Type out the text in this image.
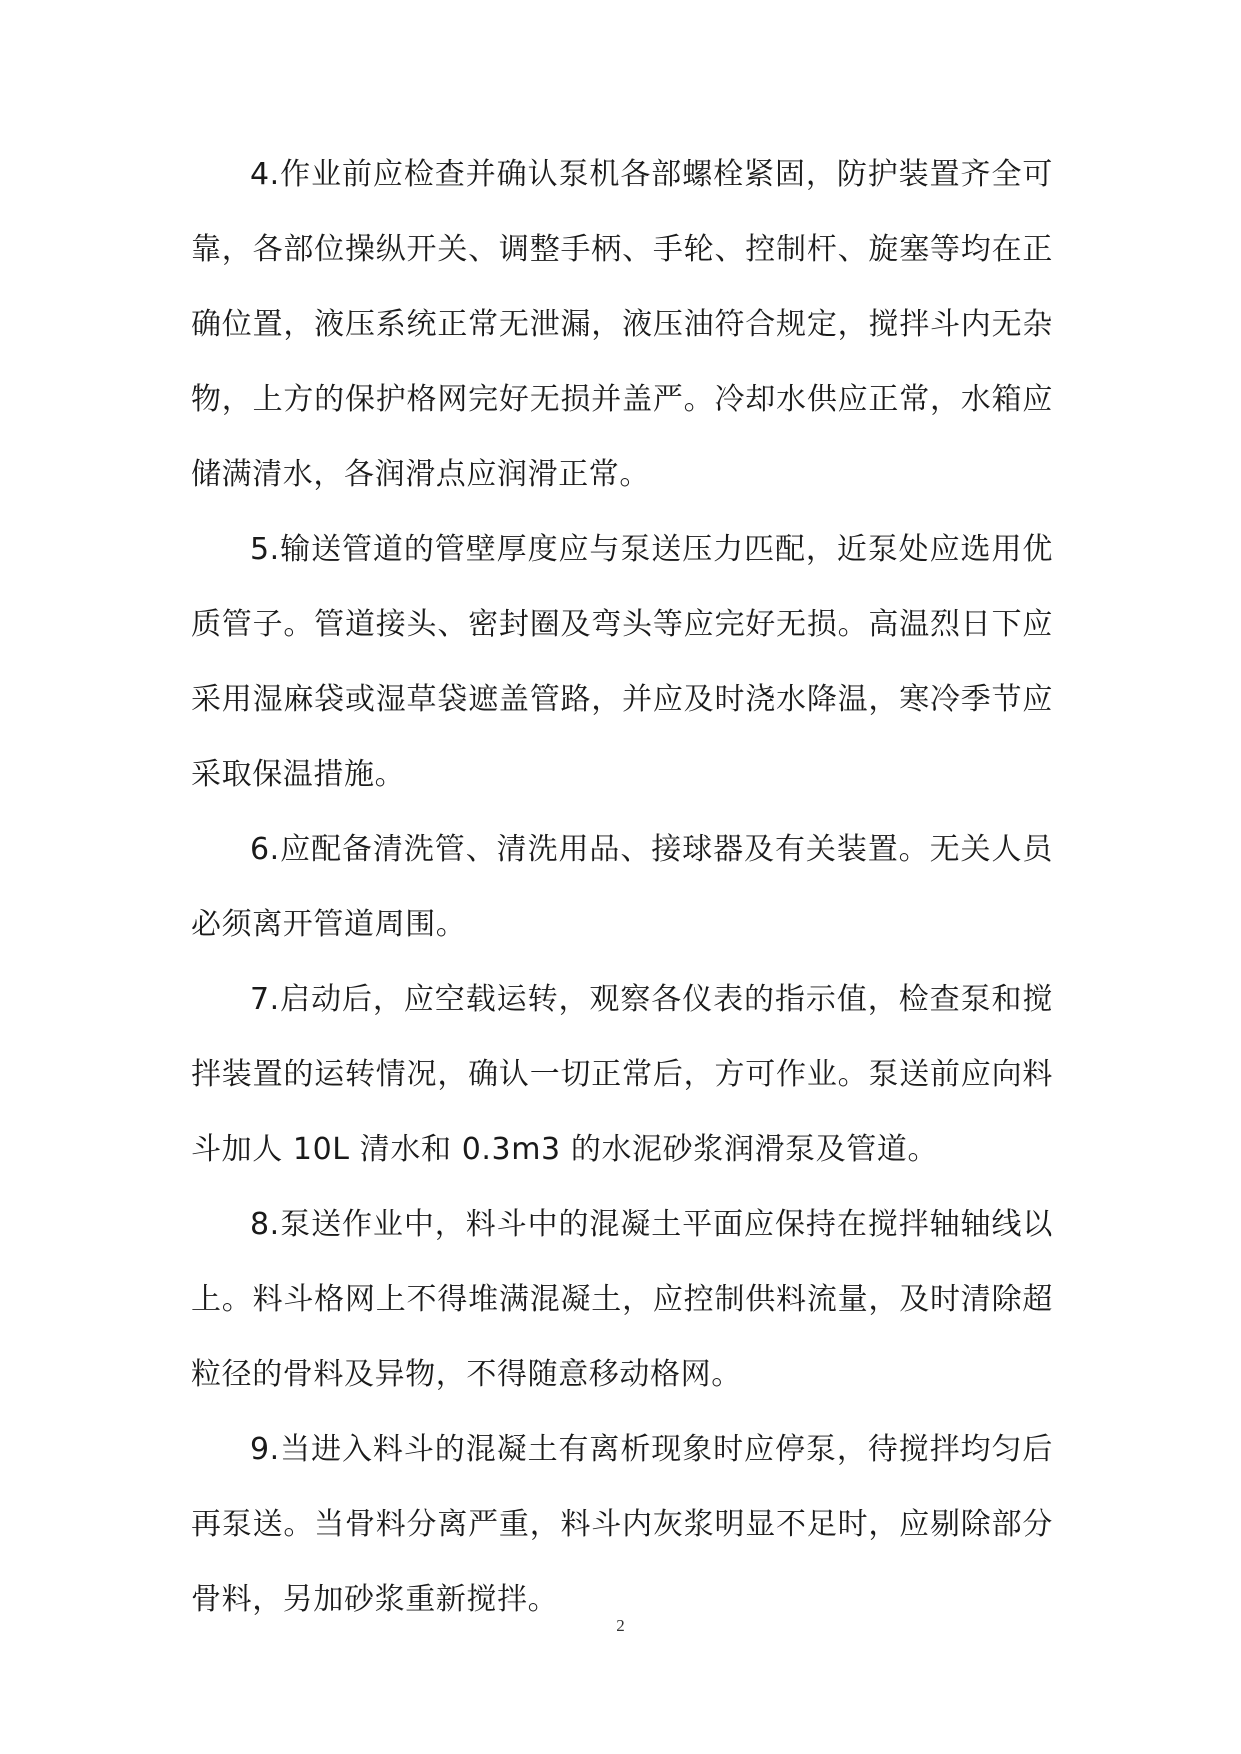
4.作业前应检查并确认泵机各部螺栓紧固，防护装置齐全可靠，各部位操纵开关、调整手柄、手轮、控制杆、旋塞等均在正确位置，液压系统正常无泄漏，液压油符合规定，搅拌斗内无杂物，上方的保护格网完好无损并盖严。冷却水供应正常，水箱应储满清水，各润滑点应润滑正常。

5.输送管道的管壁厚度应与泵送压力匹配，近泵处应选用优质管子。管道接头、密封圈及弯头等应完好无损。高温烈日下应采用湿麻袋或湿草袋遮盖管路，并应及时浇水降温，寒冷季节应采取保温措施。

6.应配备清洗管、清洗用品、接球器及有关装置。无关人员必须离开管道周围。

7.启动后，应空载运转，观察各仪表的指示值，检查泵和搅拌装置的运转情况，确认一切正常后，方可作业。泵送前应向料斗加人 10L 清水和 0.3m3 的水泥砂浆润滑泵及管道。

8.泵送作业中，料斗中的混凝土平面应保持在搅拌轴轴线以上。料斗格网上不得堆满混凝土，应控制供料流量，及时清除超粒径的骨料及异物，不得随意移动格网。

9.当进入料斗的混凝土有离析现象时应停泵，待搅拌均匀后再泵送。当骨料分离严重，料斗内灰浆明显不足时，应剔除部分骨料，另加砂浆重新搅拌。

2
